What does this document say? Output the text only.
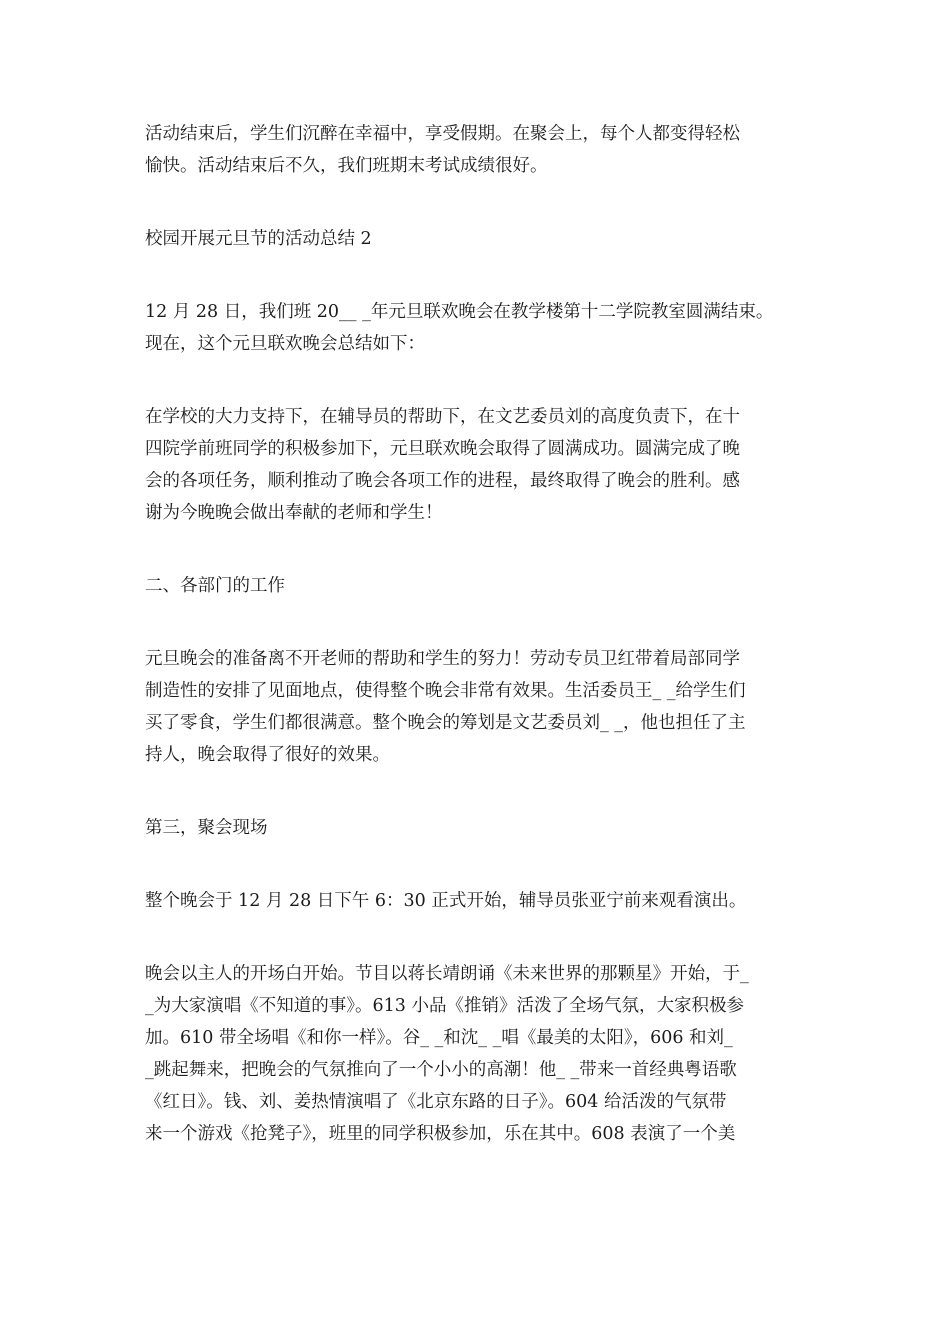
活动结束后，学生们沉醉在幸福中，享受假期。在聚会上，每个人都变得轻松
愉快。活动结束后不久，我们班期末考试成绩很好。

校园开展元旦节的活动总结 2

12 月 28 日，我们班 20__ _年元旦联欢晚会在教学楼第十二学院教室圆满结束。
现在，这个元旦联欢晚会总结如下：

在学校的大力支持下，在辅导员的帮助下，在文艺委员刘的高度负责下，在十
四院学前班同学的积极参加下，元旦联欢晚会取得了圆满成功。圆满完成了晚
会的各项任务，顺利推动了晚会各项工作的进程，最终取得了晚会的胜利。感
谢为今晚晚会做出奉献的老师和学生！

二、各部门的工作

元旦晚会的准备离不开老师的帮助和学生的努力！劳动专员卫红带着局部同学
制造性的安排了见面地点，使得整个晚会非常有效果。生活委员王_ _给学生们
买了零食，学生们都很满意。整个晚会的筹划是文艺委员刘_ _，他也担任了主
持人，晚会取得了很好的效果。

第三，聚会现场

整个晚会于 12 月 28 日下午 6：30 正式开始，辅导员张亚宁前来观看演出。

晚会以主人的开场白开始。节目以蒋长靖朗诵《未来世界的那颗星》开始，于_
_为大家演唱《不知道的事》。613 小品《推销》活泼了全场气氛，大家积极参
加。610 带全场唱《和你一样》。谷_ _和沈_ _唱《最美的太阳》，606 和刘_
_跳起舞来，把晚会的气氛推向了一个小小的高潮！他_ _带来一首经典粤语歌
《红日》。钱、刘、姜热情演唱了《北京东路的日子》。604 给活泼的气氛带
来一个游戏《抢凳子》，班里的同学积极参加，乐在其中。608 表演了一个美
